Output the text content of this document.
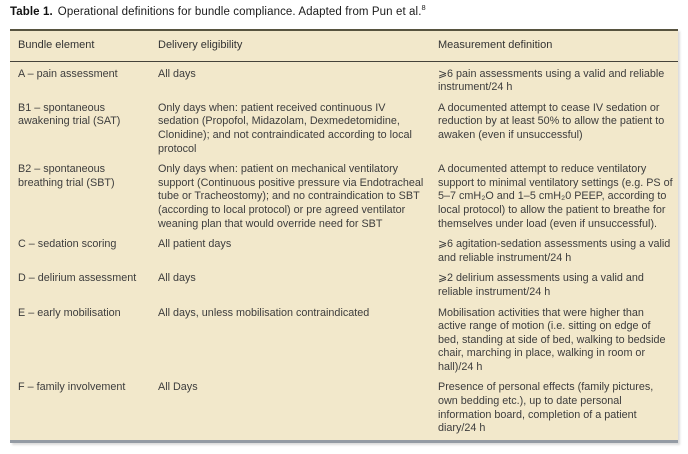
Table 1. Operational definitions for bundle compliance. Adapted from Pun et al.$^8$

Bundle element	Delivery eligibility	Measurement definition
A – pain assessment	All days	⩾6 pain assessments using a valid and reliable instrument/24 h
B1 – spontaneous awakening trial (SAT)	Only days when: patient received continuous IV sedation (Propofol, Midazolam, Dexmedetomidine, Clonidine); and not contraindicated according to local protocol	A documented attempt to cease IV sedation or reduction by at least 50% to allow the patient to awaken (even if unsuccessful)
B2 – spontaneous breathing trial (SBT)	Only days when: patient on mechanical ventilatory support (Continuous positive pressure via Endotracheal tube or Tracheostomy); and no contraindication to SBT (according to local protocol) or pre agreed ventilator weaning plan that would override need for SBT	A documented attempt to reduce ventilatory support to minimal ventilatory settings (e.g. PS of 5–7 cmH₂O and 1–5 cmH₂0 PEEP, according to local protocol) to allow the patient to breathe for themselves under load (even if unsuccessful).
C – sedation scoring	All patient days	⩾6 agitation-sedation assessments using a valid and reliable instrument/24 h
D – delirium assessment	All days	⩾2 delirium assessments using a valid and reliable instrument/24 h
E – early mobilisation	All days, unless mobilisation contraindicated	Mobilisation activities that were higher than active range of motion (i.e. sitting on edge of bed, standing at side of bed, walking to bedside chair, marching in place, walking in room or hall)/24 h
F – family involvement	All Days	Presence of personal effects (family pictures, own bedding etc.), up to date personal information board, completion of a patient diary/24 h
